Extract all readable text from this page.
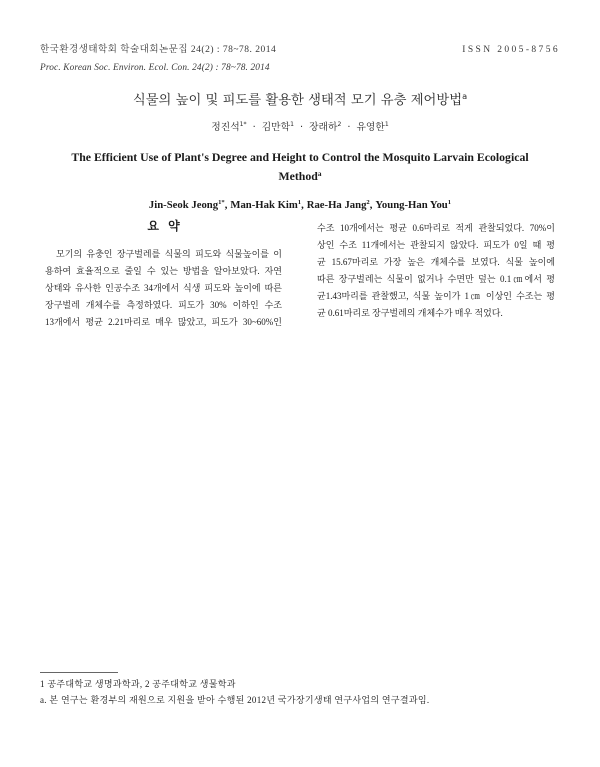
한국환경생태학회 학술대회논문집 24(2) : 78~78. 2014
Proc. Korean Soc. Environ. Ecol. Con. 24(2) : 78~78. 2014
ISSN 2005-8756
식물의 높이 및 피도를 활용한 생태적 모기 유충 제어방법$^a$
정진석$^{1*}$ · 김만학$^1$ · 장래하$^2$ · 유영한$^1$
The Efficient Use of Plant's Degree and Height to Control the Mosquito Larvain Ecological
Method$^a$
Jin-Seok Jeong$^{1*}$ , Man-Hak Kim$^1$ , Rae-Ha Jang$^2$ , Young-Han You$^1$
요 약
모기의 유충인 장구벌레를 식물의 피도와 식물높이를 이
용하여 효율적으로 줄일 수 있는 방법을 알아보았다. 자연
상태와 유사한 인공수조 34개에서 식생 피도와 높이에 따른
장구벌레 개체수를 측정하였다. 피도가 30% 이하인 수조
13개에서 평균 2.21마리로 매우 많았고, 피도가 30~60%인
수조 10개에서는 평균 0.6마리로 적게 관찰되었다. 70%이
상인 수조 11개에서는 관찰되지 않았다. 피도가 0일 때 평
균 15.67마리로 가장 높은 개체수를 보였다. 식물 높이에
따른 장구벌레는 식물이 없거나 수면만 덮는 0.1㎝에서 평
균1.43마리를 관찰했고, 식물 높이가 1㎝ 이상인 수조는 평
균 0.61마리로 장구벌레의 개체수가 매우 적었다.
1 공주대학교 생명과학과, 2 공주대학교 생물학과
a. 본 연구는 환경부의 재원으로 지원을 받아 수행된 2012년 국가장기생태 연구사업의 연구결과임.
